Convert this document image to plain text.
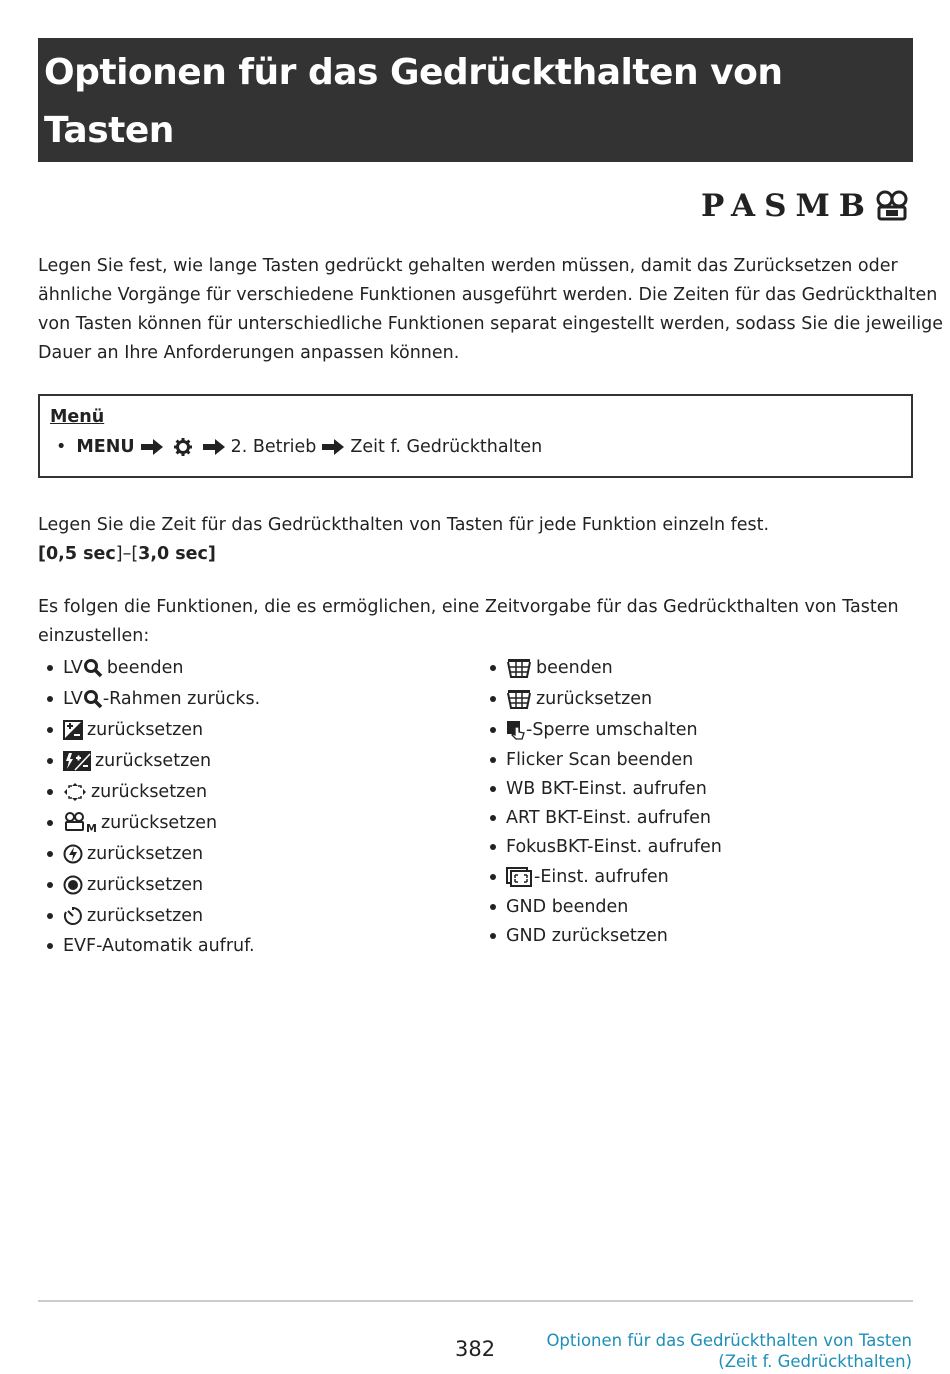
Optionen für das Gedrückthalten von Tasten
(Zeit f. Gedrückthalten)	PASMB
Legen Sie fest, wie lange Tasten gedrückt gehalten werden müssen, damit das Zurücksetzen oder
ähnliche Vorgänge für verschiedene Funktionen ausgeführt werden. Die Zeiten für das Gedrückthalten
von Tasten können für unterschiedliche Funktionen separat eingestellt werden, sodass Sie die jeweilige
Dauer an Ihre Anforderungen anpassen können.
Menü
• MENU	2. Betrieb Zeit f. Gedrückthalten
Legen Sie die Zeit für das Gedrückthalten von Tasten für jede Funktion einzeln fest.
[0,5 sec]–[3,0 sec]
Es folgen die Funktionen, die es ermöglichen, eine Zeitvorgabe für das Gedrückthalten von Tasten
einzustellen:
LV beenden
LV -Rahmen zurücks.
zurücksetzen
zurücksetzen
zurücksetzen
M zurücksetzen
zurücksetzen
zurücksetzen
zurücksetzen
EVF-Automatik aufruf.
beenden
zurücksetzen
-Sperre umschalten
Flicker Scan beenden
WB BKT-Einst. aufrufen
ART BKT-Einst. aufrufen
FokusBKT-Einst. aufrufen
-Einst. aufrufen
GND beenden
GND zurücksetzen
382	Optionen für das Gedrückthalten von Tasten
(Zeit f. Gedrückthalten)
